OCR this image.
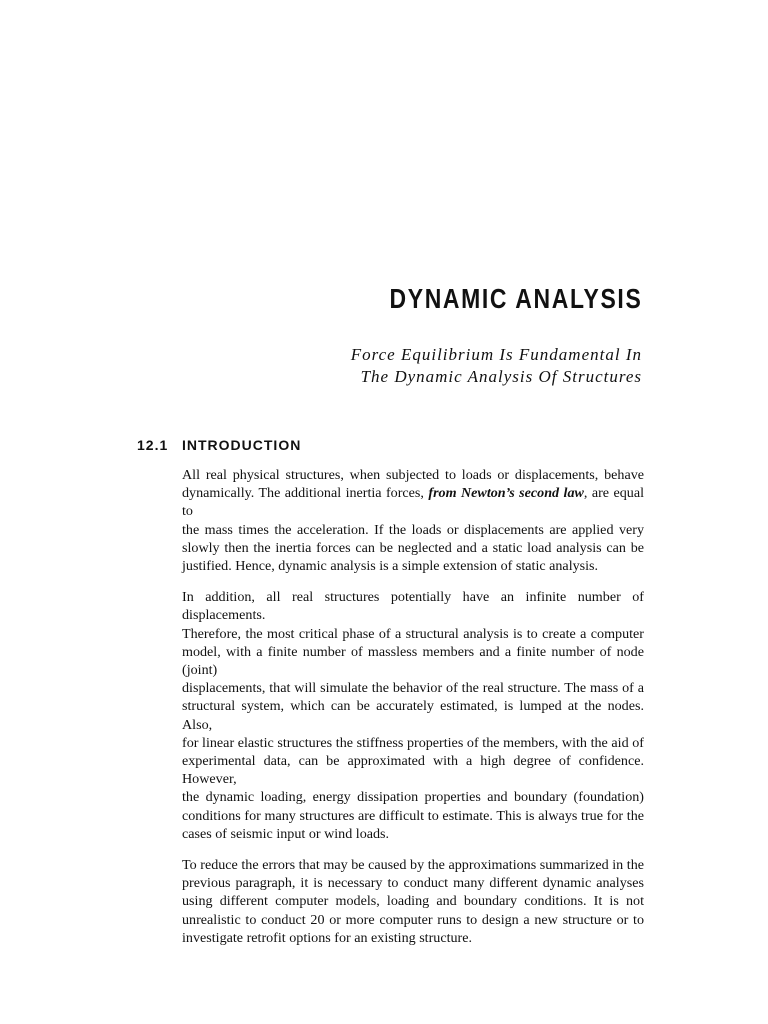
DYNAMIC ANALYSIS
Force Equilibrium Is Fundamental In
The Dynamic Analysis Of Structures
12.1 INTRODUCTION

All real physical structures, when subjected to loads or displacements, behave
dynamically. The additional inertia forces, from Newton’s second law, are equal to
the mass times the acceleration. If the loads or displacements are applied very
slowly then the inertia forces can be neglected and a static load analysis can be
justified. Hence, dynamic analysis is a simple extension of static analysis.

In addition, all real structures potentially have an infinite number of displacements.
Therefore, the most critical phase of a structural analysis is to create a computer
model, with a finite number of massless members and a finite number of node (joint)
displacements, that will simulate the behavior of the real structure. The mass of a
structural system, which can be accurately estimated, is lumped at the nodes. Also,
for linear elastic structures the stiffness properties of the members, with the aid of
experimental data, can be approximated with a high degree of confidence. However,
the dynamic loading, energy dissipation properties and boundary (foundation)
conditions for many structures are difficult to estimate. This is always true for the
cases of seismic input or wind loads.

To reduce the errors that may be caused by the approximations summarized in the
previous paragraph, it is necessary to conduct many different dynamic analyses
using different computer models, loading and boundary conditions. It is not
unrealistic to conduct 20 or more computer runs to design a new structure or to
investigate retrofit options for an existing structure.
